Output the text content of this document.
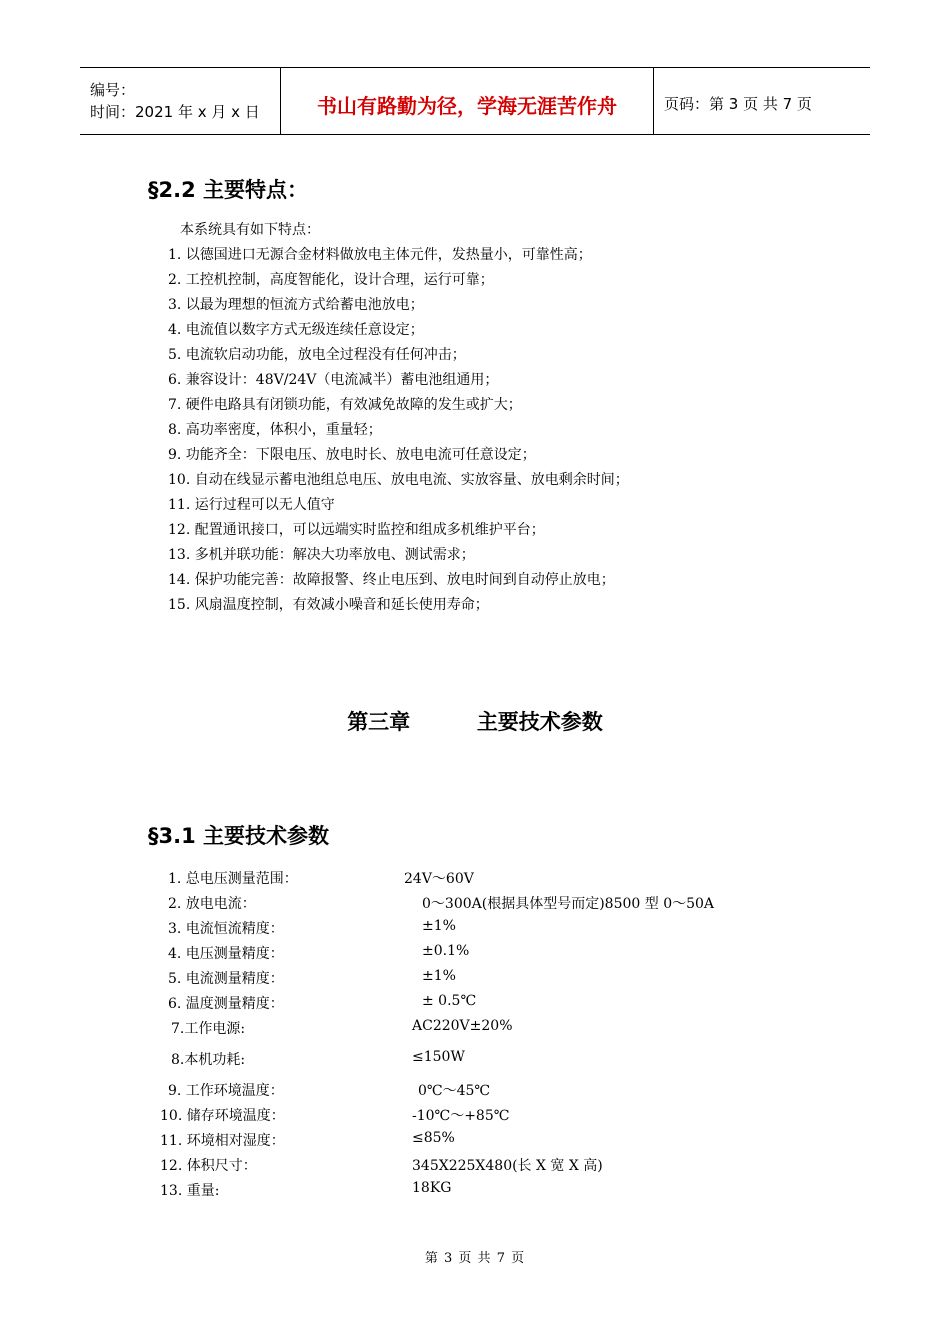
编号：
时间：2021 年 x 月 x 日	书山有路勤为径，学海无涯苦作舟	页码：第 3 页 共 7 页
§2.2 主要特点：
本系统具有如下特点：
1. 以德国进口无源合金材料做放电主体元件，发热量小，可靠性高；
2. 工控机控制，高度智能化，设计合理，运行可靠；
3. 以最为理想的恒流方式给蓄电池放电；
4. 电流值以数字方式无级连续任意设定；
5. 电流软启动功能，放电全过程没有任何冲击；
6. 兼容设计：48V/24V（电流减半）蓄电池组通用；
7. 硬件电路具有闭锁功能，有效减免故障的发生或扩大；
8. 高功率密度，体积小，重量轻；
9. 功能齐全：下限电压、放电时长、放电电流可任意设定；
10. 自动在线显示蓄电池组总电压、放电电流、实放容量、放电剩余时间；
11. 运行过程可以无人值守
12. 配置通讯接口，可以远端实时监控和组成多机维护平台；
13. 多机并联功能：解决大功率放电、测试需求；
14. 保护功能完善：故障报警、终止电压到、放电时间到自动停止放电；
15. 风扇温度控制，有效减小噪音和延长使用寿命；
第三章	主要技术参数
§3.1 主要技术参数
1. 总电压测量范围：	24V～60V
2. 放电电流：	0～300A(根据具体型号而定)8500 型 0～50A
3. 电流恒流精度：	±1%
4. 电压测量精度：	±0.1%
5. 电流测量精度：	±1%
6. 温度测量精度：	± 0.5℃
7.工作电源:	AC220V±20%
8.本机功耗:	≤150W
9. 工作环境温度：	0℃～45℃
10. 储存环境温度：	-10℃～+85℃
11. 环境相对湿度：	≤85%
12. 体积尺寸：	345X225X480(长 X 宽 X 高)
13. 重量:	18KG
第 3 页 共 7 页
